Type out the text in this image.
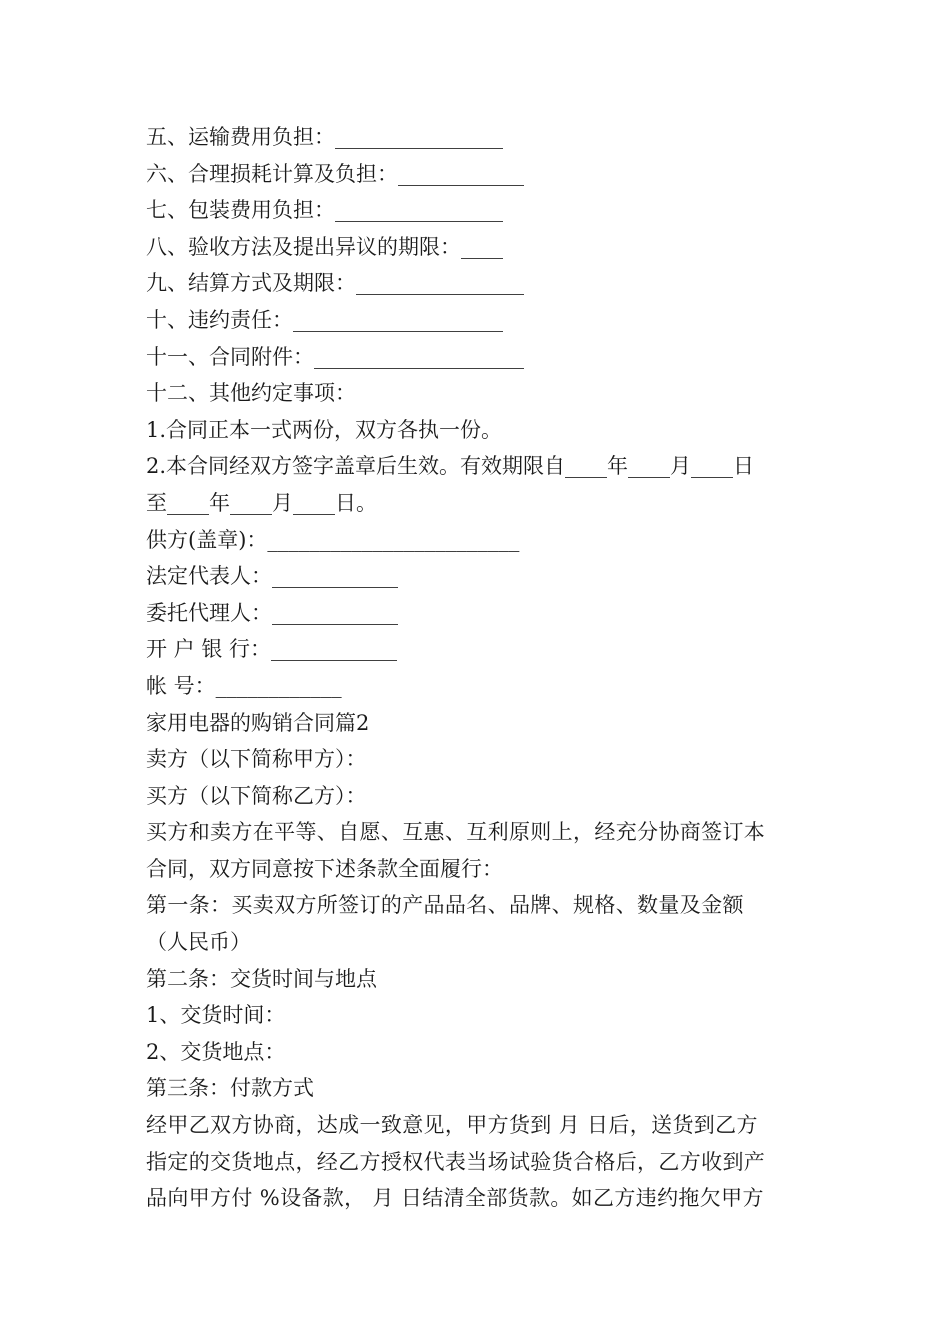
五、运输费用负担：________________
六、合理损耗计算及负担：____________
七、包装费用负担：________________
八、验收方法及提出异议的期限：____
九、结算方式及期限：________________
十、违约责任：____________________
十一、合同附件：____________________
十二、其他约定事项：
1.合同正本一式两份，双方各执一份。
2.本合同经双方签字盖章后生效。有效期限自____年____月____日
至____年____月____日。
供方(盖章)：________________________
法定代表人：____________
委托代理人：____________
开 户 银 行：____________
帐 号：____________
家用电器的购销合同篇2
卖方（以下简称甲方）：
买方（以下简称乙方）：
买方和卖方在平等、自愿、互惠、互利原则上，经充分协商签订本
合同，双方同意按下述条款全面履行：
第一条：买卖双方所签订的产品品名、品牌、规格、数量及金额
（人民币）
第二条：交货时间与地点
1、交货时间：
2、交货地点：
第三条：付款方式
经甲乙双方协商，达成一致意见，甲方货到 月 日后，送货到乙方
指定的交货地点，经乙方授权代表当场试验货合格后，乙方收到产
品向甲方付 %设备款， 月 日结清全部货款。如乙方违约拖欠甲方
